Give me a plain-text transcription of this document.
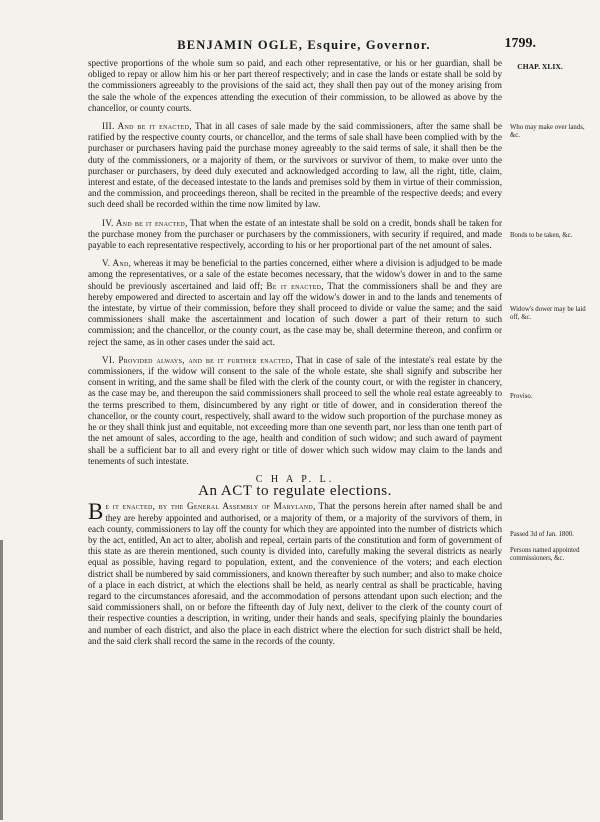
BENJAMIN OGLE, Esquire, Governor.	1799.
CHAP. XLIX.
Who may make over lands, &c.
Bonds to be taken, &c.
Widow's dower may be laid off, &c.
Proviso.
Passed 3d of Jan. 1800.
Persons named appointed commissioners, &c.

spective proportions of the whole sum so paid, and each other representative, or his or her guardian, shall be obliged to repay or allow him his or her part thereof respectively; and in case the lands or estate shall be sold by the commissioners agreeably to the provisions of the said act, they shall then pay out of the money arising from the sale the whole of the expences attending the execution of their commission, to be allowed as above by the chancellor, or county courts.

III. And be it enacted, That in all cases of sale made by the said commissioners, after the same shall be ratified by the respective county courts, or chancellor, and the terms of sale shall have been complied with by the purchaser or purchasers having paid the purchase money agreeably to the said terms of sale, it shall then be the duty of the commissioners, or a majority of them, or the survivors or survivor of them, to make over unto the purchaser or purchasers, by deed duly executed and acknowledged according to law, all the right, title, claim, interest and estate, of the deceased intestate to the lands and premises sold by them in virtue of their commission, and the commission, and proceedings thereon, shall be recited in the preamble of the respective deeds; and every such deed shall be recorded within the time now limited by law.

IV. And be it enacted, That when the estate of an intestate shall be sold on a credit, bonds shall be taken for the purchase money from the purchaser or purchasers by the commissioners, with security if required, and made payable to each representative respectively, according to his or her proportional part of the net amount of sales.

V. And, whereas it may be beneficial to the parties concerned, either where a division is adjudged to be made among the representatives, or a sale of the estate becomes necessary, that the widow's dower in and to the same should be previously ascertained and laid off; Be it enacted, That the commissioners shall be and they are hereby empowered and directed to ascertain and lay off the widow's dower in and to the lands and tenements of the intestate, by virtue of their commission, before they shall proceed to divide or value the same; and the said commissioners shall make the ascertainment and location of such dower a part of their return to such commission; and the chancellor, or the county court, as the case may be, shall determine thereon, and confirm or reject the same, as in other cases under the said act.

VI. Provided always, and be it further enacted, That in case of sale of the intestate's real estate by the commissioners, if the widow will consent to the sale of the whole estate, she shall signify and subscribe her consent in writing, and the same shall be filed with the clerk of the county court, or with the register in chancery, as the case may be, and thereupon the said commissioners shall proceed to sell the whole real estate agreeably to the terms prescribed to them, disincumbered by any right or title of dower, and in consideration thereof the chancellor, or the county court, respectively, shall award to the widow such proportion of the purchase money as he or they shall think just and equitable, not exceeding more than one seventh part, nor less than one tenth part of the net amount of sales, according to the age, health and condition of such widow; and such award of payment shall be a sufficient bar to all and every right or title of dower which such widow may claim to the lands and tenements of such intestate.

C H A P. L.
An ACT to regulate elections.

B e it enacted, by the General Assembly of Maryland, That the persons herein after named shall be and they are hereby appointed and authorised, or a majority of them, or a majority of the survivors of them, in each county, commissioners to lay off the county for which they are appointed into the number of districts which by the act, entitled, An act to alter, abolish and repeal, certain parts of the constitution and form of government of this state as are therein mentioned, such county is divided into, carefully making the several districts as nearly equal as possible, having regard to population, extent, and the convenience of the voters; and each election district shall be numbered by said commissioners, and known thereafter by such number; and also to make choice of a place in each district, at which the elections shall be held, as nearly central as shall be practicable, having regard to the circumstances aforesaid, and the accommodation of persons attendant upon such election; and the said commissioners shall, on or before the fifteenth day of July next, deliver to the clerk of the county court of their respective counties a description, in writing, under their hands and seals, specifying plainly the boundaries and number of each district, and also the place in each district where the election for such district shall be held, and the said clerk shall record the same in the records of the county.
